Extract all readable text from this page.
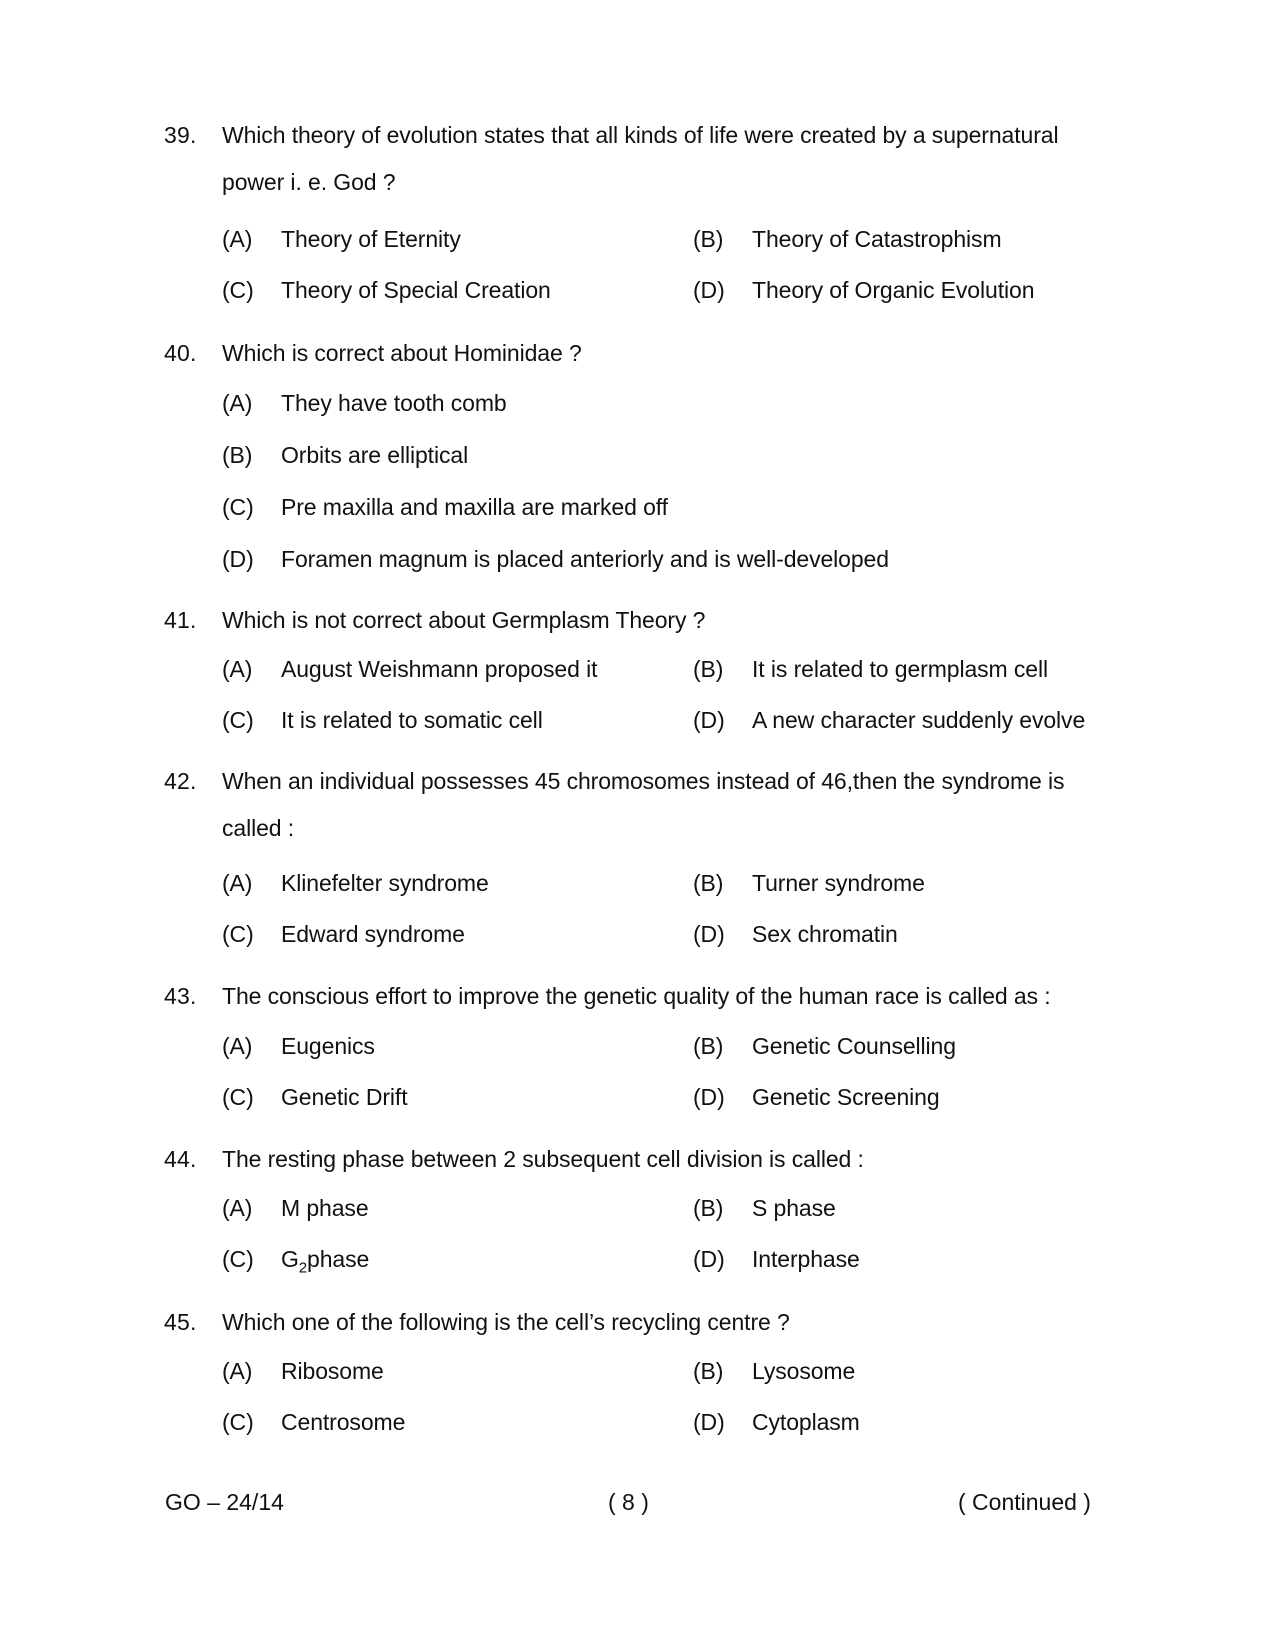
39. Which theory of evolution states that all kinds of life were created by a supernatural power i. e. God ?
(A) Theory of Eternity	(B) Theory of Catastrophism
(C) Theory of Special Creation	(D) Theory of Organic Evolution
40. Which is correct about Hominidae ?
(A) They have tooth comb
(B) Orbits are elliptical
(C) Pre maxilla and maxilla are marked off
(D) Foramen magnum is placed anteriorly and is well-developed
41. Which is not correct about Germplasm Theory ?
(A) August Weishmann proposed it	(B) It is related to germplasm cell
(C) It is related to somatic cell	(D) A new character suddenly evolve
42. When an individual possesses 45 chromosomes instead of 46,then the syndrome is called :
(A) Klinefelter syndrome	(B) Turner syndrome
(C) Edward syndrome	(D) Sex chromatin
43. The conscious effort to improve the genetic quality of the human race is called as :
(A) Eugenics	(B) Genetic Counselling
(C) Genetic Drift	(D) Genetic Screening
44. The resting phase between 2 subsequent cell division is called :
(A) M phase	(B) S phase
(C) $G_2phase$	(D) Interphase
45. Which one of the following is the cell’s recycling centre ?
(A) Ribosome	(B) Lysosome
(C) Centrosome	(D) Cytoplasm
GO – 24/14	( 8 )	( Continued )
